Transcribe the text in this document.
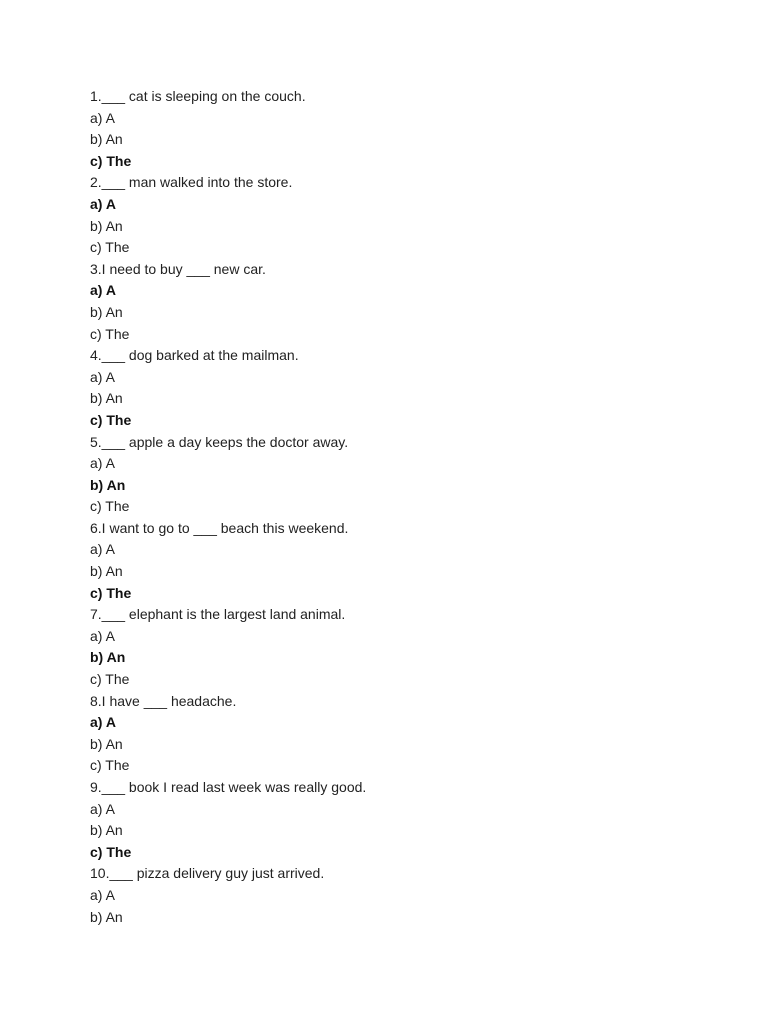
1.___ cat is sleeping on the couch.
a) A
b) An
c) The
2.___ man walked into the store.
a) A
b) An
c) The
3.I need to buy ___ new car.
a) A
b) An
c) The
4.___ dog barked at the mailman.
a) A
b) An
c) The
5.___ apple a day keeps the doctor away.
a) A
b) An
c) The
6.I want to go to ___ beach this weekend.
a) A
b) An
c) The
7.___ elephant is the largest land animal.
a) A
b) An
c) The
8.I have ___ headache.
a) A
b) An
c) The
9.___ book I read last week was really good.
a) A
b) An
c) The
10.___ pizza delivery guy just arrived.
a) A
b) An
